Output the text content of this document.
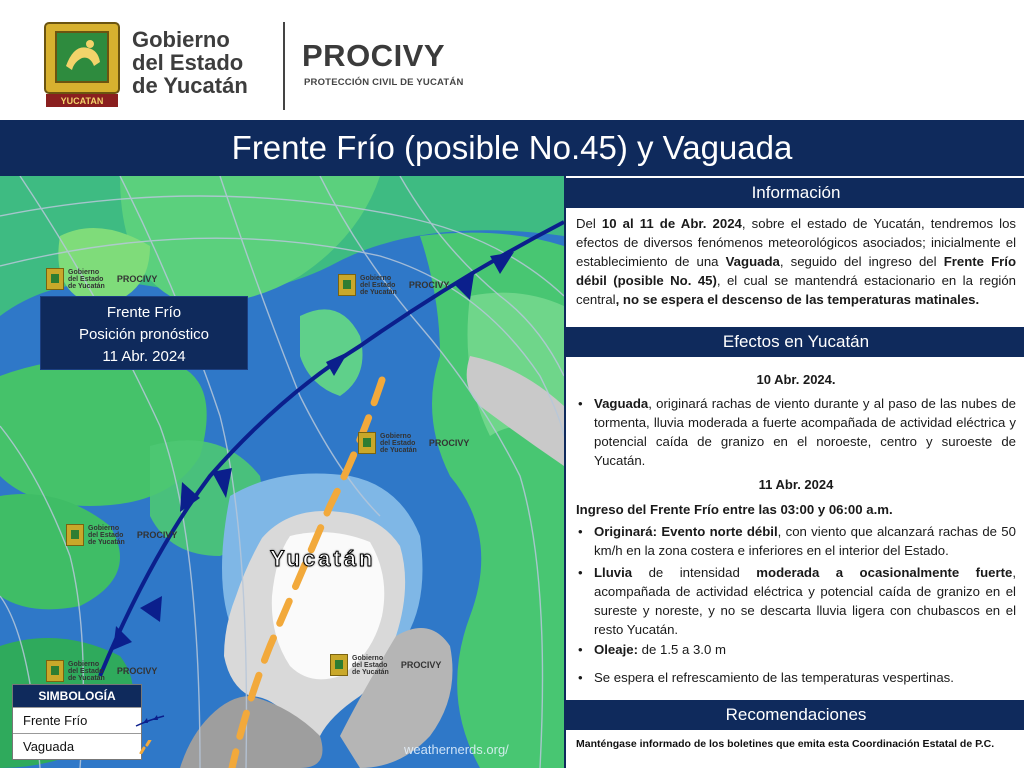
YUCATAN
Gobierno
del Estado
de Yucatán
PROCIVY
PROTECCIÓN CIVIL DE YUCATÁN
Frente Frío (posible No.45) y Vaguada
Gobierno
del Estado
de Yucatán
PROCIVY	Gobierno
del Estado
de Yucatán
PROCIVY
Gobierno
del Estado
de Yucatán
PROCIVY
Gobierno
del Estado
de Yucatán
PROCIVY
Gobierno
del Estado
de Yucatán
PROCIVY
Gobierno
del Estado
de Yucatán
PROCIVY
Frente Frío
Posición pronóstico
11 Abr. 2024
Yucatán
SIMBOLOGÍA
Frente Frío
Vaguada	weathernerds.org/
Información
Del 10 al 11 de Abr. 2024, sobre el estado de Yucatán, tendremos los efectos de diversos fenómenos meteorológicos asociados; inicialmente el establecimiento de una Vaguada, seguido del ingreso del Frente Frío débil (posible No. 45), el cual se mantendrá estacionario en la región central, no se espera el descenso de las temperaturas matinales.
Efectos en Yucatán
10 Abr. 2024.
• Vaguada, originará rachas de viento durante y al paso de las nubes de tormenta, lluvia moderada a fuerte acompañada de actividad eléctrica y potencial caída de granizo en el noroeste, centro y suroeste de Yucatán.
11 Abr. 2024
Ingreso del Frente Frío entre las 03:00 y 06:00 a.m.
• Originará: Evento norte débil, con viento que alcanzará rachas de 50 km/h en la zona costera e inferiores en el interior del Estado.
• Lluvia de intensidad moderada a ocasionalmente fuerte, acompañada de actividad eléctrica y potencial caída de granizo en el sureste y noreste, y no se descarta lluvia ligera con chubascos en el resto Yucatán.
• Oleaje: de 1.5 a 3.0 m
• Se espera el refrescamiento de las temperaturas vespertinas.
Recomendaciones
Manténgase informado de los boletines que emita esta Coordinación Estatal de P.C.
